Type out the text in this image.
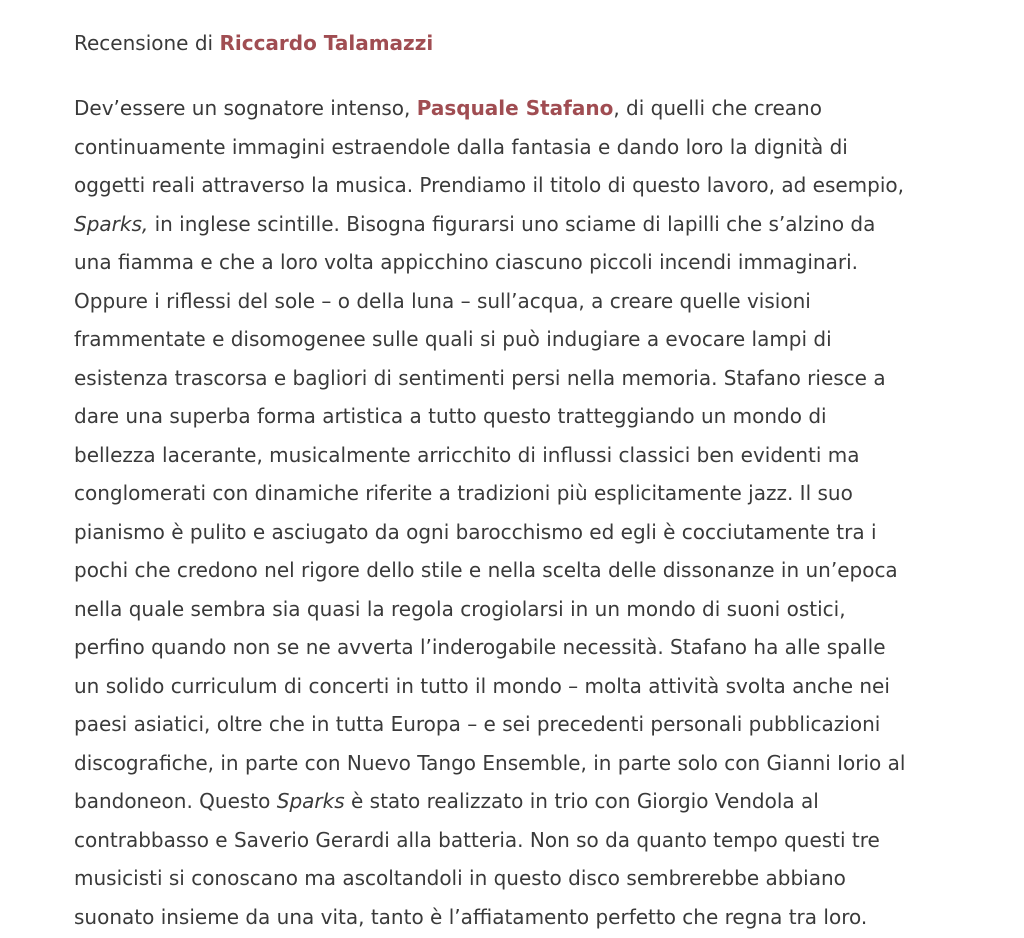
Recensione di Riccardo Talamazzi

Dev’essere un sognatore intenso, Pasquale Stafano, di quelli che creano
continuamente immagini estraendole dalla fantasia e dando loro la dignità di
oggetti reali attraverso la musica. Prendiamo il titolo di questo lavoro, ad esempio,
Sparks, in inglese scintille. Bisogna figurarsi uno sciame di lapilli che s’alzino da
una fiamma e che a loro volta appicchino ciascuno piccoli incendi immaginari.
Oppure i riflessi del sole – o della luna – sull’acqua, a creare quelle visioni
frammentate e disomogenee sulle quali si può indugiare a evocare lampi di
esistenza trascorsa e bagliori di sentimenti persi nella memoria. Stafano riesce a
dare una superba forma artistica a tutto questo tratteggiando un mondo di
bellezza lacerante, musicalmente arricchito di influssi classici ben evidenti ma
conglomerati con dinamiche riferite a tradizioni più esplicitamente jazz. Il suo
pianismo è pulito e asciugato da ogni barocchismo ed egli è cocciutamente tra i
pochi che credono nel rigore dello stile e nella scelta delle dissonanze in un’epoca
nella quale sembra sia quasi la regola crogiolarsi in un mondo di suoni ostici,
perfino quando non se ne avverta l’inderogabile necessità. Stafano ha alle spalle
un solido curriculum di concerti in tutto il mondo – molta attività svolta anche nei
paesi asiatici, oltre che in tutta Europa – e sei precedenti personali pubblicazioni
discografiche, in parte con Nuevo Tango Ensemble, in parte solo con Gianni Iorio al
bandoneon. Questo Sparks è stato realizzato in trio con Giorgio Vendola al
contrabbasso e Saverio Gerardi alla batteria. Non so da quanto tempo questi tre
musicisti si conoscano ma ascoltandoli in questo disco sembrerebbe abbiano
suonato insieme da una vita, tanto è l’affiatamento perfetto che regna tra loro.
